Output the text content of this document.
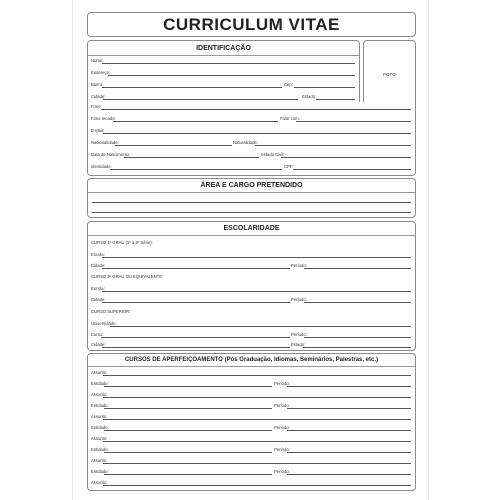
CURRICULUM VITAE
IDENTIFICAÇÃO
Nome:
Endereço:
Bairro:	Cep:
Cidade:	Estado:
FOTO
Fone:
Fone recado:	Falar com:
E-Mail:
Nacionalidade:	Naturalidade:
Data de Nascimento:	Estado Civil:
Identidade:	CPF:
ÁREA E CARGO PRETENDIDO
ESCOLARIDADE
CURSO 1º GRAU (1º à 8º Série):
Escola:
Cidade:	Período:
CURSO 2º GRAU OU EQUIVALENTE:
Escola:
Cidade:	Período:
CURSO SUPERIOR:
Universidade:
Curso:	Período:
Cidade:	Estado:
CURSOS DE APERFEIÇOAMENTO (Pós Graduação, Idiomas, Seminários, Palestras, etc.)
Assunto:
Entidade:	Período:
Assunto:
Entidade:	Período:
Assunto:
Entidade:	Período:
Assunto:
Entidade:	Período:
Assunto:
Entidade:	Período:
Assunto:
